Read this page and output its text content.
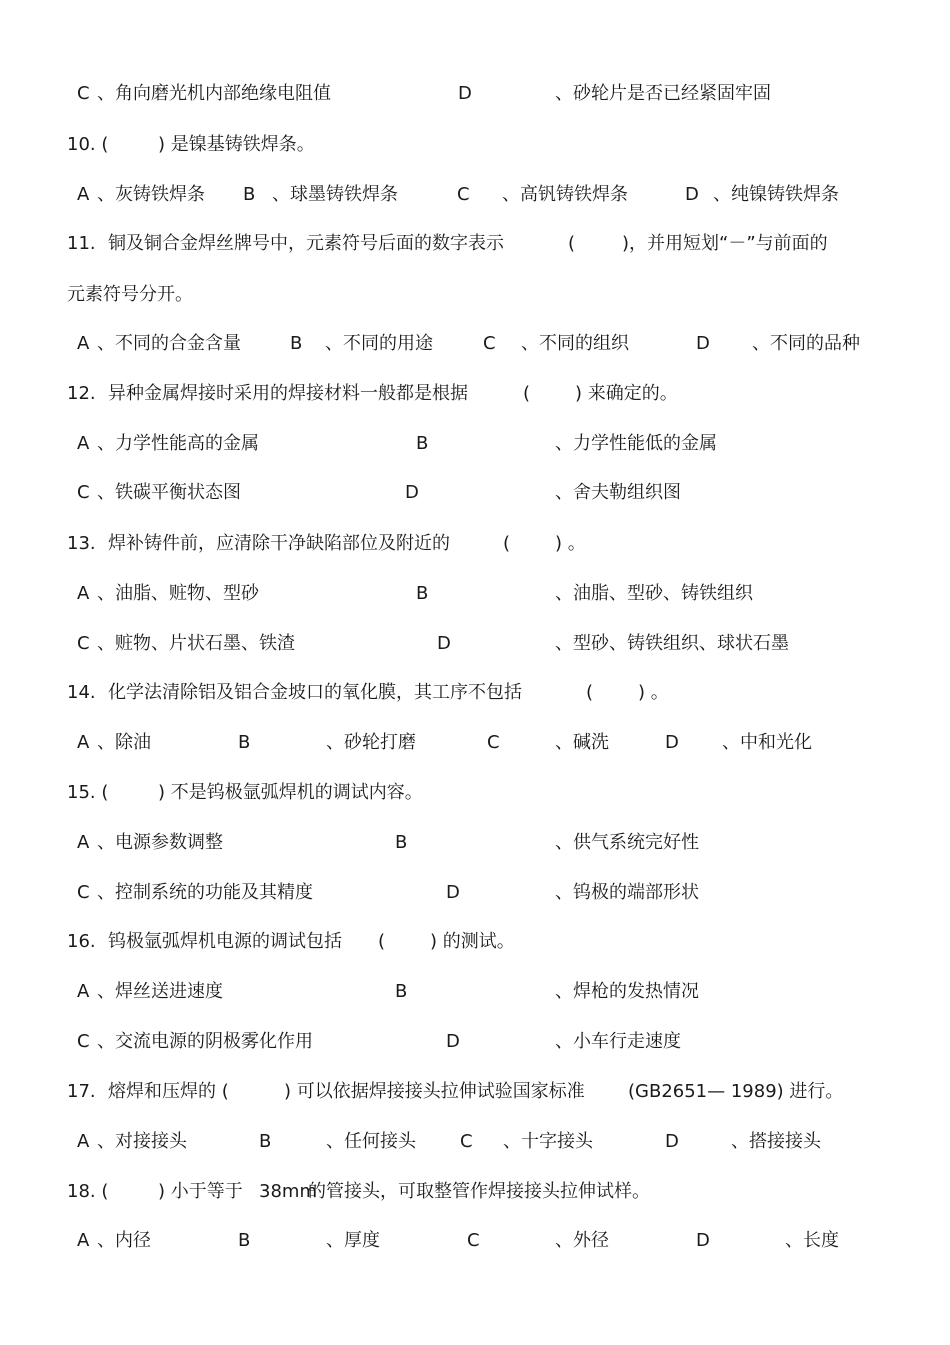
C 、角向磨光机内部绝缘电阻值	D	、砂轮片是否已经紧固牢固
10. (	) 是镍基铸铁焊条。
A 、灰铸铁焊条 B 、球墨铸铁焊条	C 、高钒铸铁焊条	D 、纯镍铸铁焊条
11. 铜及铜合金焊丝牌号中，元素符号后面的数字表示	(	)，并用短划“－”与前面的
元素符号分开。
A 、不同的合金含量	B 、不同的用途	C 、不同的组织	D 、不同的品种
12. 异种金属焊接时采用的焊接材料一般都是根据	( ) 来确定的。
A 、力学性能高的金属	B	、力学性能低的金属
C 、铁碳平衡状态图	D	、舍夫勒组织图
13. 焊补铸件前，应清除干净缺陷部位及附近的	( ) 。
A 、油脂、赃物、型砂	B	、油脂、型砂、铸铁组织
C 、赃物、片状石墨、铁渣	D	、型砂、铸铁组织、球状石墨
14. 化学法清除铝及铝合金坡口的氧化膜，其工序不包括	( ) 。
A 、除油	B	、砂轮打磨	C	、碱洗	D 、中和光化
15. (	) 不是钨极氩弧焊机的调试内容。
A 、电源参数调整	B	、供气系统完好性
C 、控制系统的功能及其精度	D	、钨极的端部形状
16. 钨极氩弧焊机电源的调试包括 ( ) 的测试。
A 、焊丝送进速度	B	、焊枪的发热情况
C 、交流电源的阴极雾化作用	D	、小车行走速度
17. 熔焊和压焊的 (	) 可以依据焊接接头拉伸试验国家标准 (GB2651— 1989) 进行。
A 、对接接头	B	、任何接头 C 、十字接头	D	、搭接接头
18. (	) 小于等于 38mm
的管接头，可取整管作焊接接头拉伸试样。
A 、内径	B	、厚度	C	、外径	D	、长度
